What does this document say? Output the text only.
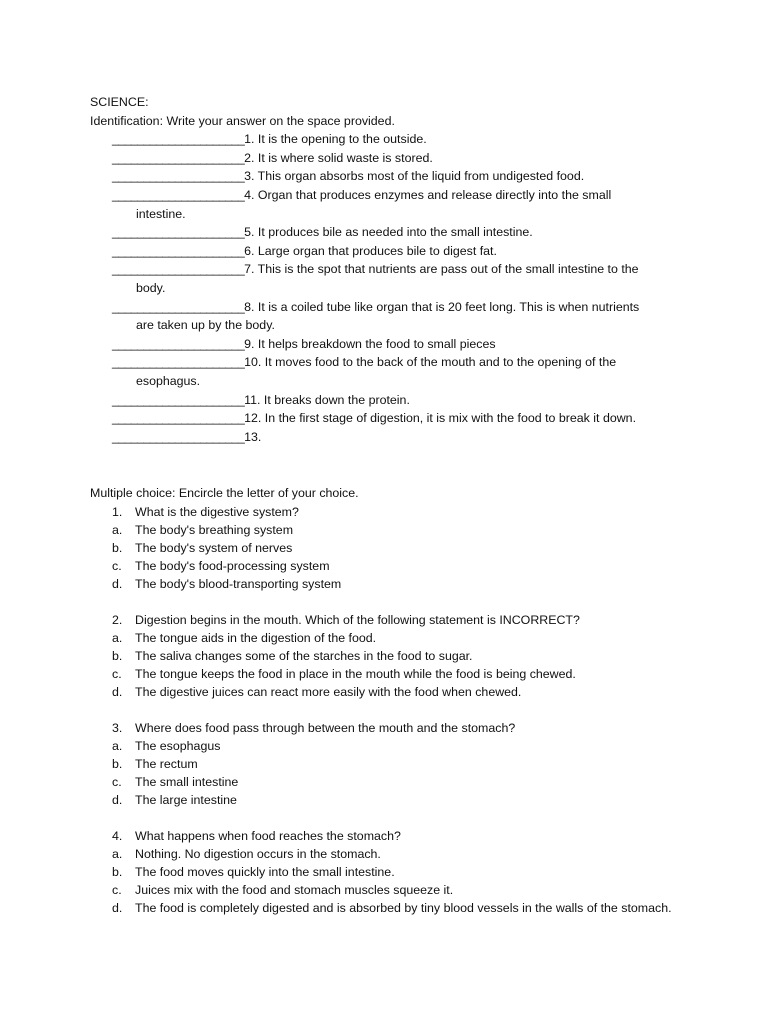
SCIENCE:
Identification: Write your answer on the space provided.
_____________________1. It is the opening to the outside.
_____________________2. It is where solid waste is stored.
_____________________3. This organ absorbs most of the liquid from undigested food.
_____________________4. Organ that produces enzymes and release directly into the small
intestine.
_____________________5. It produces bile as needed into the small intestine.
_____________________6. Large organ that produces bile to digest fat.
_____________________7. This is the spot that nutrients are pass out of the small intestine to the
body.
_____________________8. It is a coiled tube like organ that is 20 feet long. This is when nutrients
are taken up by the body.
_____________________9. It helps breakdown the food to small pieces
_____________________10. It moves food to the back of the mouth and to the opening of the
esophagus.
_____________________11. It breaks down the protein.
_____________________12. In the first stage of digestion, it is mix with the food to break it down.
_____________________13.
Multiple choice: Encircle the letter of your choice.
1.	What is the digestive system?
a.	The body's breathing system
b.	The body's system of nerves
c.	The body's food-processing system
d.	The body's blood-transporting system
2.	Digestion begins in the mouth. Which of the following statement is INCORRECT?
a.	The tongue aids in the digestion of the food.
b.	The saliva changes some of the starches in the food to sugar.
c.	The tongue keeps the food in place in the mouth while the food is being chewed.
d.	The digestive juices can react more easily with the food when chewed.
3.	Where does food pass through between the mouth and the stomach?
a.	The esophagus
b.	The rectum
c.	The small intestine
d.	The large intestine
4.	What happens when food reaches the stomach?
a.	Nothing. No digestion occurs in the stomach.
b.	The food moves quickly into the small intestine.
c.	Juices mix with the food and stomach muscles squeeze it.
d.	The food is completely digested and is absorbed by tiny blood vessels in the walls of the stomach.
